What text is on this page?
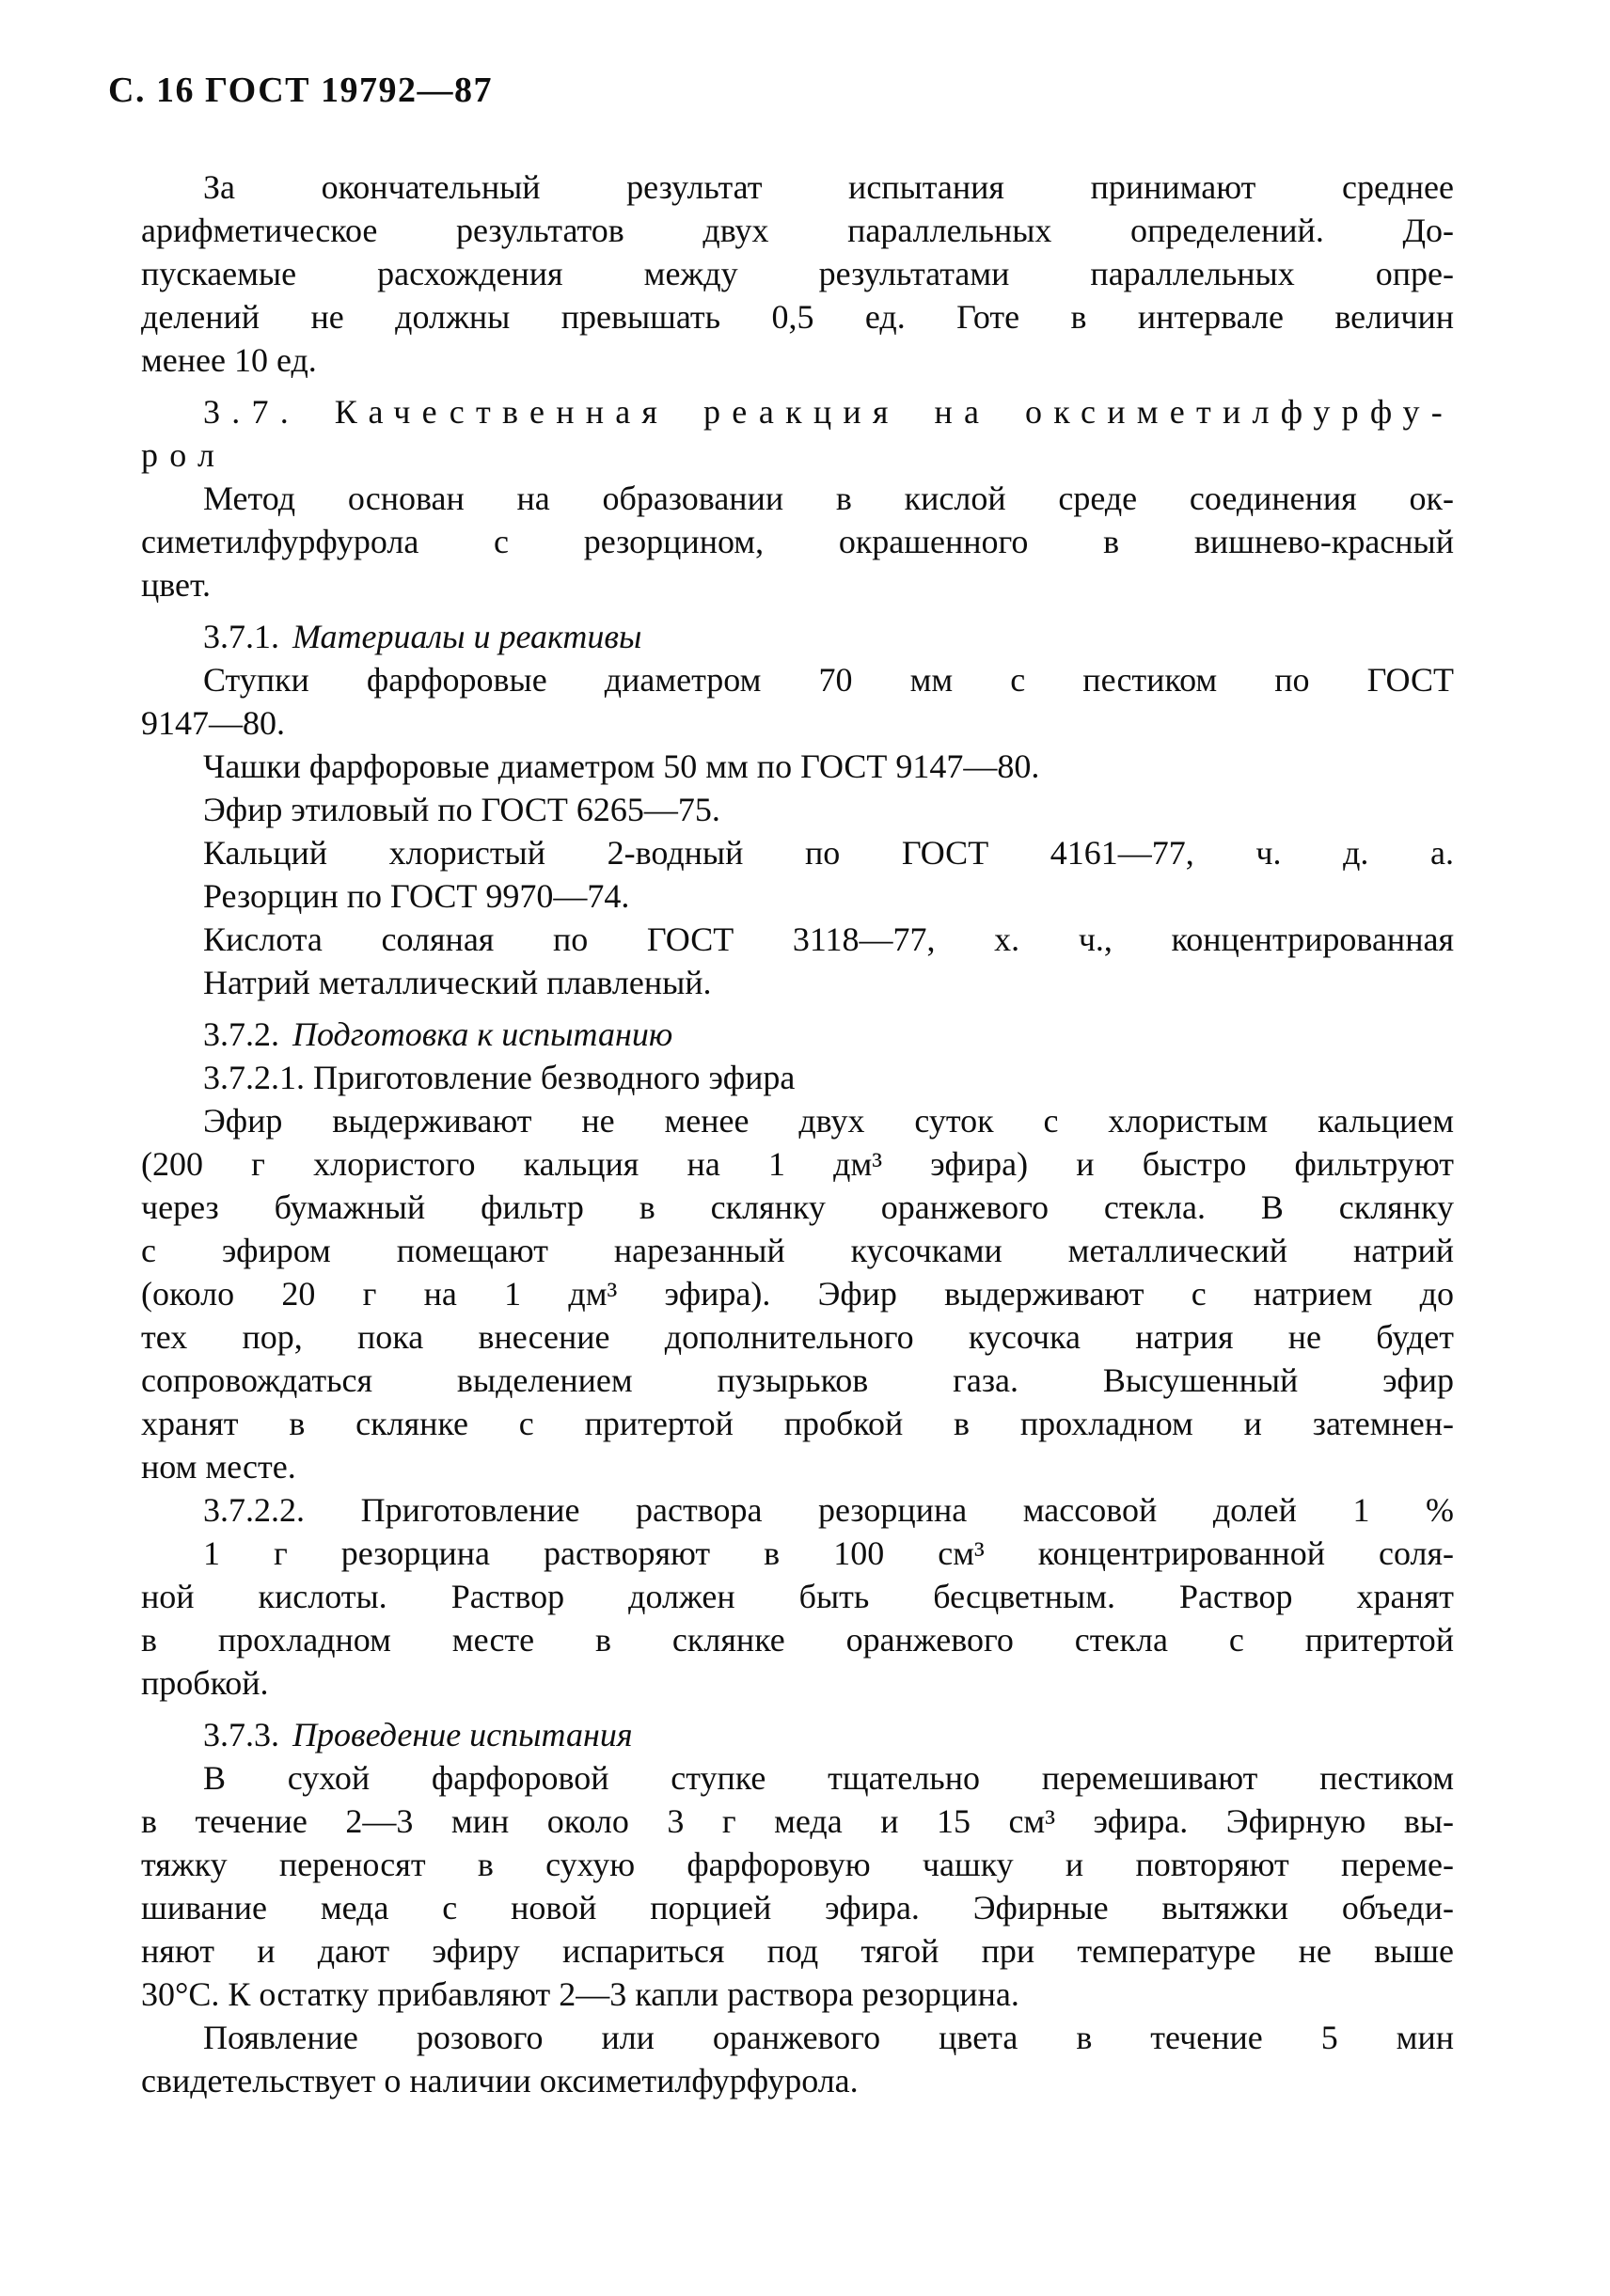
С. 16 ГОСТ 19792—87
За окончательный результат испытания принимают среднее
арифметическое результатов двух параллельных определений. До-
пускаемые расхождения между результатами параллельных опре-
делений не должны превышать 0,5 ед. Готе в интервале величин
менее 10 ед.
3.7. Качественная реакция на оксиметилфурфу-
рол
Метод основан на образовании в кислой среде соединения ок-
симетилфурфурола с резорцином, окрашенного в вишнево-красный
цвет.
3.7.1. Материалы и реактивы
Ступки фарфоровые диаметром 70 мм с пестиком по ГОСТ
9147—80.
Чашки фарфоровые диаметром 50 мм по ГОСТ 9147—80.
Эфир этиловый по ГОСТ 6265—75.
Кальций хлористый 2-водный по ГОСТ 4161—77, ч. д. а.
Резорцин по ГОСТ 9970—74.
Кислота соляная по ГОСТ 3118—77, х. ч., концентрированная
Натрий металлический плавленый.
3.7.2. Подготовка к испытанию
3.7.2.1. Приготовление безводного эфира
Эфир выдерживают не менее двух суток с хлористым кальцием
(200 г хлористого кальция на 1 дм³ эфира) и быстро фильтруют
через бумажный фильтр в склянку оранжевого стекла. В склянку
с эфиром помещают нарезанный кусочками металлический натрий
(около 20 г на 1 дм³ эфира). Эфир выдерживают с натрием до
тех пор, пока внесение дополнительного кусочка натрия не будет
сопровождаться выделением пузырьков газа. Высушенный эфир
хранят в склянке с притертой пробкой в прохладном и затемнен-
ном месте.
3.7.2.2. Приготовление раствора резорцина массовой долей 1 %
1 г резорцина растворяют в 100 см³ концентрированной соля-
ной кислоты. Раствор должен быть бесцветным. Раствор хранят
в прохладном месте в склянке оранжевого стекла с притертой
пробкой.
3.7.3. Проведение испытания
В сухой фарфоровой ступке тщательно перемешивают пестиком
в течение 2—3 мин около 3 г меда и 15 см³ эфира. Эфирную вы-
тяжку переносят в сухую фарфоровую чашку и повторяют переме-
шивание меда с новой порцией эфира. Эфирные вытяжки объеди-
няют и дают эфиру испариться под тягой при температуре не выше
30°С. К остатку прибавляют 2—3 капли раствора резорцина.
Появление розового или оранжевого цвета в течение 5 мин
свидетельствует о наличии оксиметилфурфурола.
